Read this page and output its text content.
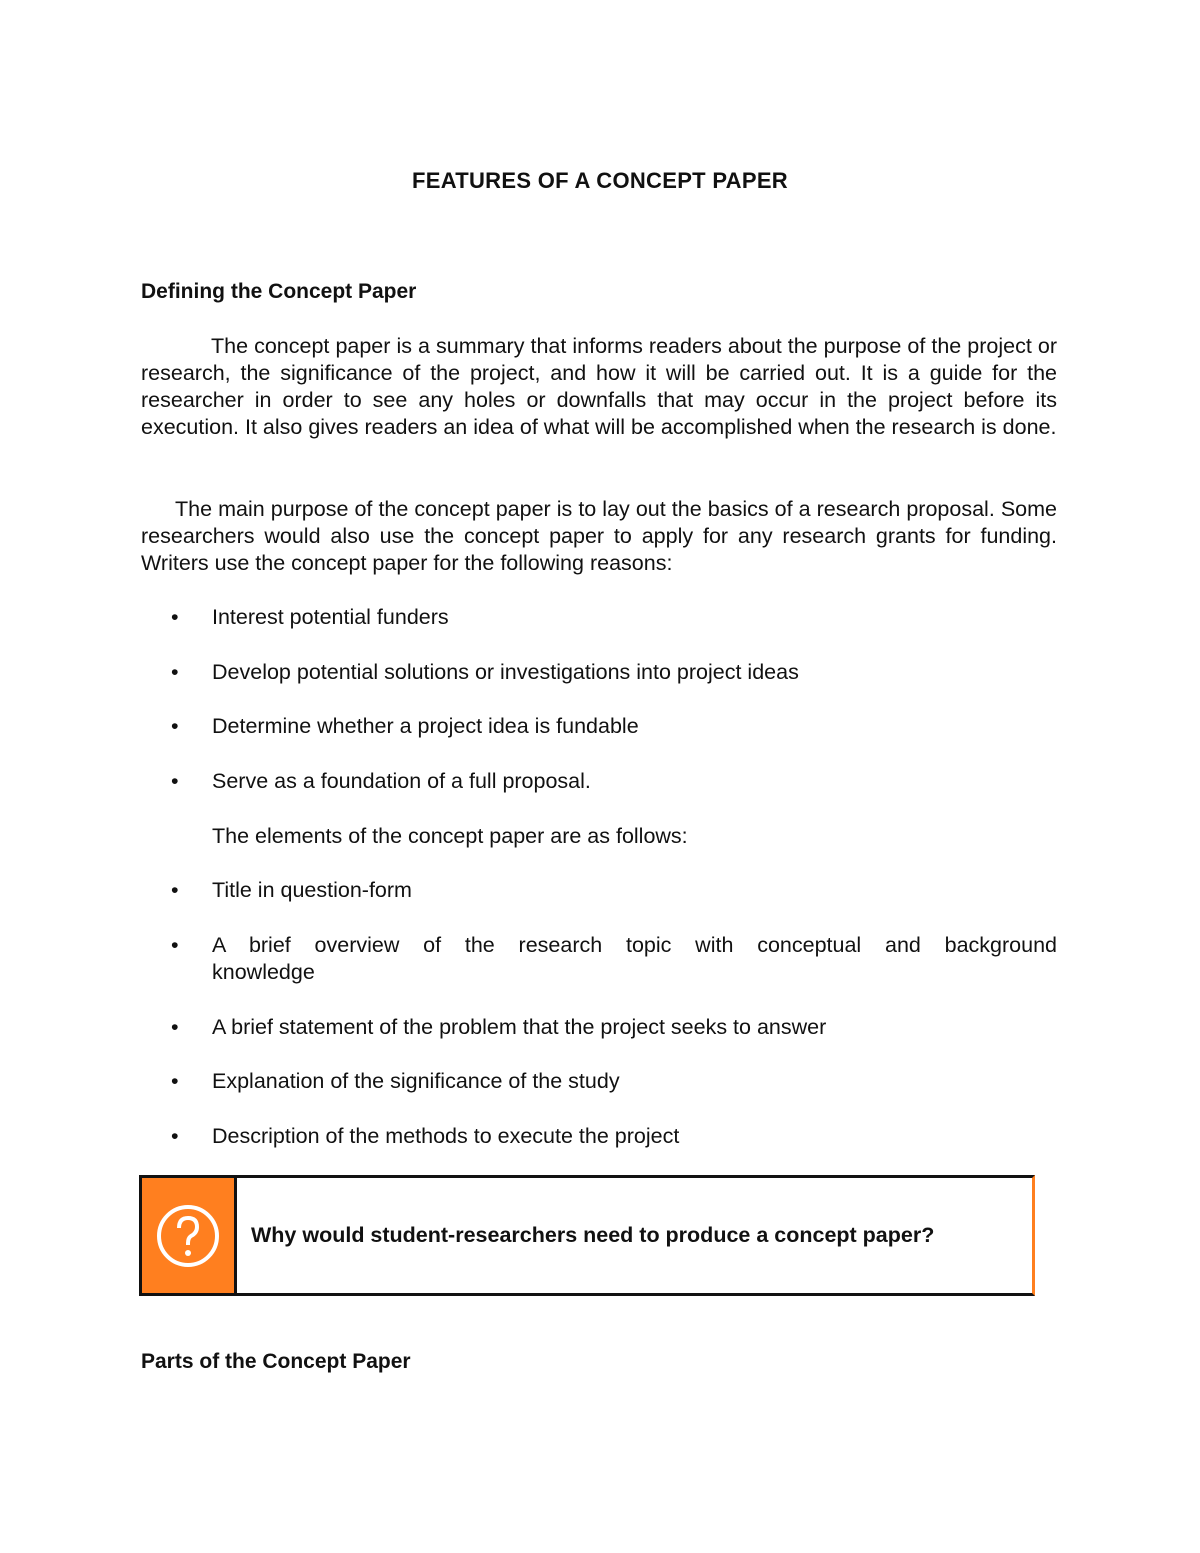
FEATURES OF A CONCEPT PAPER
Defining the Concept Paper
The concept paper is a summary that informs readers about the purpose of the project or research, the significance of the project, and how it will be carried out. It is a guide for the researcher in order to see any holes or downfalls that may occur in the project before its execution. It also gives readers an idea of what will be accomplished when the research is done.
The main purpose of the concept paper is to lay out the basics of a research proposal. Some researchers would also use the concept paper to apply for any research grants for funding. Writers use the concept paper for the following reasons:
•	Interest potential funders
•	Develop potential solutions or investigations into project ideas
•	Determine whether a project idea is fundable
•	Serve as a foundation of a full proposal.
The elements of the concept paper are as follows:
•	Title in question-form
•	A brief overview of the research topic with conceptual and background knowledge
•	A brief statement of the problem that the project seeks to answer
•	Explanation of the significance of the study
•	Description of the methods to execute the project
Why would student-researchers need to produce a concept paper?
Parts of the Concept Paper
